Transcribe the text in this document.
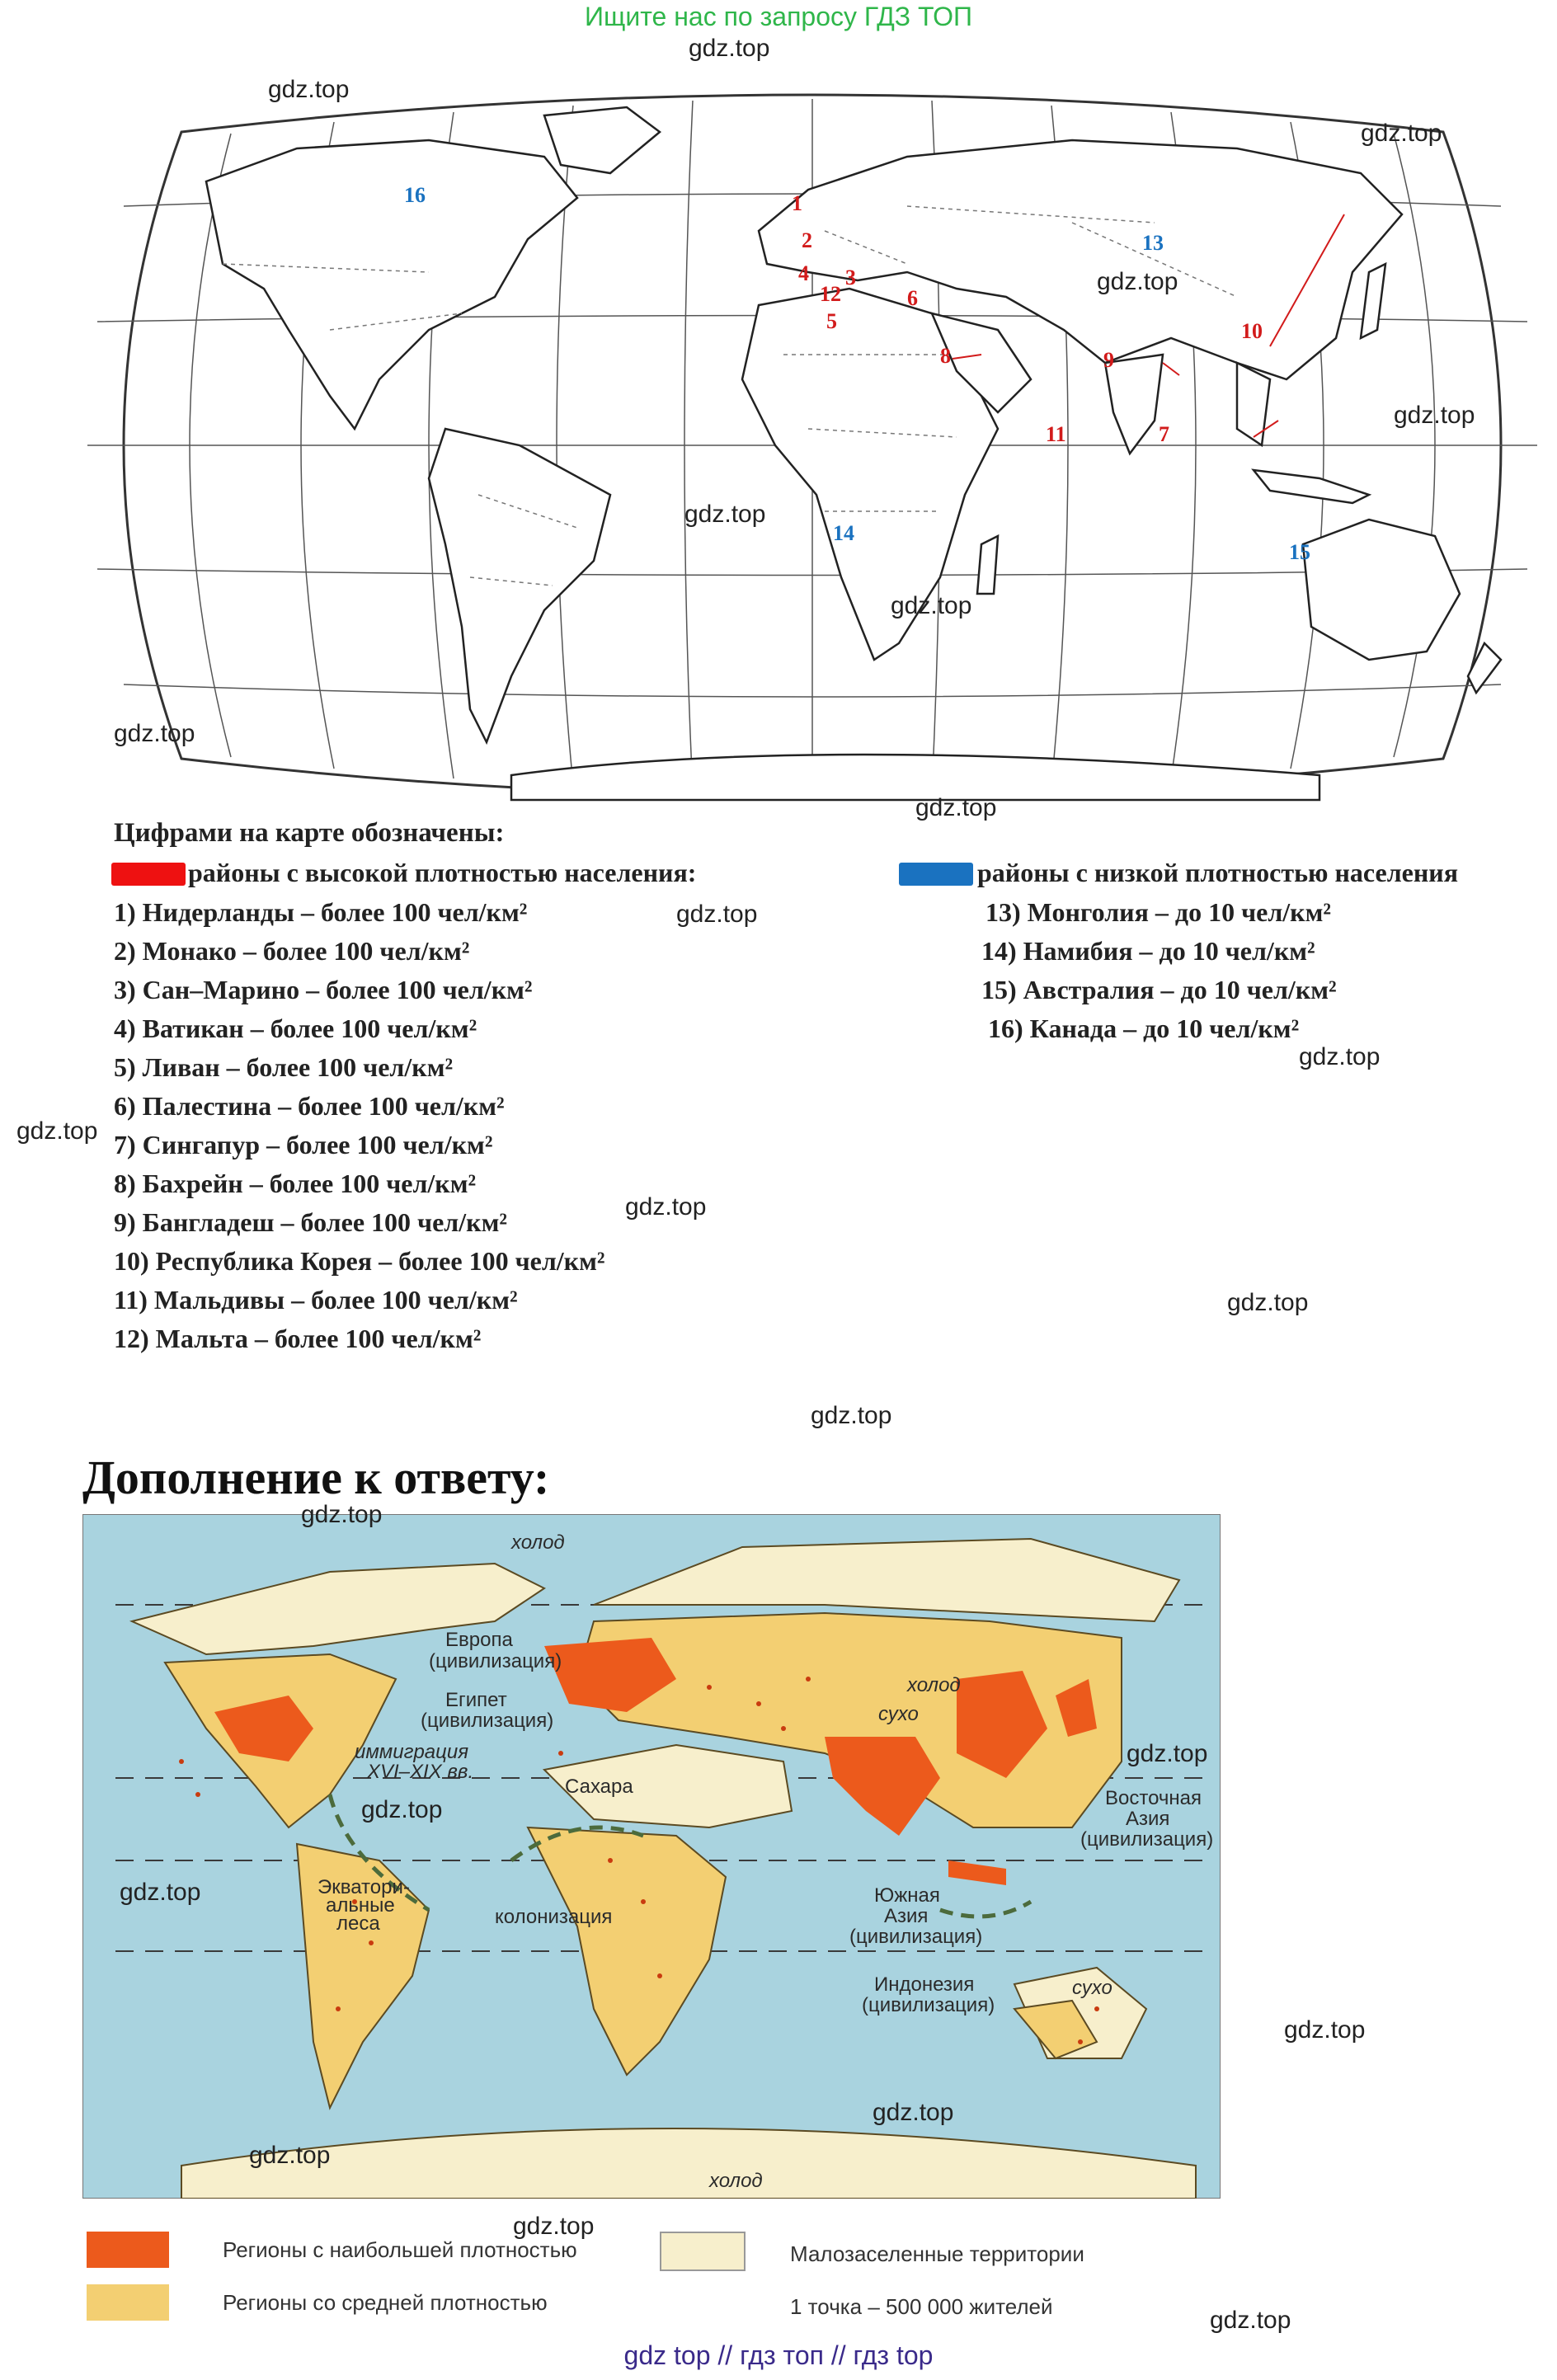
Ищите нас по запросу ГДЗ ТОП
1
2
3
4
5
6
7
8	9
10
11
12
13
14
15
16
Цифрами на карте обозначены:
районы с высокой плотностью населения:	районы с низкой плотностью населения
1) Нидерланды – более 100 чел/км²
2) Монако – более 100 чел/км²
3) Сан–Марино – более 100 чел/км²
4) Ватикан – более 100 чел/км²
5) Ливан – более 100 чел/км²
6) Палестина – более 100 чел/км²
7) Сингапур – более 100 чел/км²
8) Бахрейн – более 100 чел/км²
9) Бангладеш – более 100 чел/км²
10) Республика Корея – более 100 чел/км²
11) Мальдивы – более 100 чел/км²
12) Мальта – более 100 чел/км²
13) Монголия – до 10 чел/км²
14) Намибия – до 10 чел/км²
15) Австралия – до 10 чел/км²
16) Канада – до 10 чел/км²
Дополнение к ответу:
холод
Европа
(цивилизация)
Египет
(цивилизация)
иммиграция
XVI–XIX вв.
Сахара
холод
сухо
Восточная
Азия
(цивилизация)
Экватори-
альные
леса	колонизация
Южная
Азия
(цивилизация)
Индонезия
(цивилизация)
сухо
холод
Регионы с наибольшей плотностью
Регионы со средней плотностью
Малозаселенные территории
1 точка – 500 000 жителей
gdz.top
gdz.top
gdz.top
gdz.top
gdz.top
gdz.top
gdz.top
gdz.top
gdz.top
gdz.top
gdz.top
gdz.top
gdz.top
gdz.top
gdz.top
gdz.top
gdz.top
gdz.top
gdz.top
gdz.top
gdz.top
gdz.top
gdz.top
gdz.top
gdz top // гдз топ // гдз top
